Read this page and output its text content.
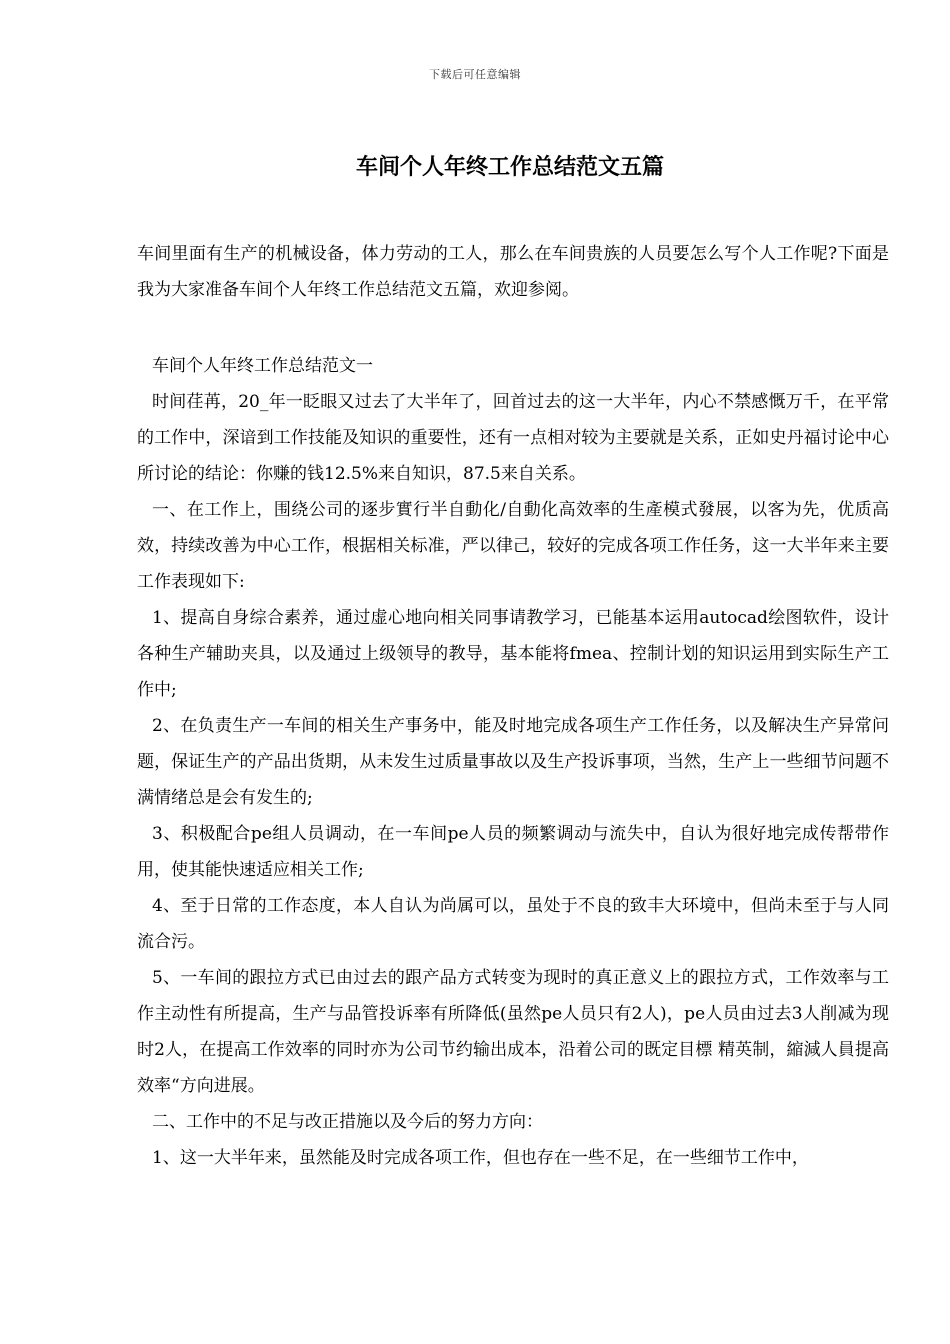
下载后可任意编辑
车间个人年终工作总结范文五篇

车间里面有生产的机械设备，体力劳动的工人，那么在车间贵族的人员要怎么写个人工作呢?下面是我为大家准备车间个人年终工作总结范文五篇，欢迎参阅。

车间个人年终工作总结范文一

时间荏苒，20_年一眨眼又过去了大半年了，回首过去的这一大半年，内心不禁感慨万千，在平常的工作中，深谙到工作技能及知识的重要性，还有一点相对较为主要就是关系，正如史丹福讨论中心所讨论的结论：你赚的钱12.5%来自知识，87.5来自关系。

一、在工作上，围绕公司的逐步實行半自動化/自動化高效率的生產模式發展，以客为先，优质高效，持续改善为中心工作，根据相关标准，严以律己，较好的完成各项工作任务，这一大半年来主要工作表现如下:

1、提高自身综合素养，通过虚心地向相关同事请教学习，已能基本运用autocad绘图软件，设计各种生产辅助夹具，以及通过上级领导的教导，基本能将fmea、控制计划的知识运用到实际生产工作中;

2、在负责生产一车间的相关生产事务中，能及时地完成各项生产工作任务，以及解决生产异常问题，保证生产的产品出货期，从未发生过质量事故以及生产投诉事项，当然，生产上一些细节问题不满情绪总是会有发生的;

3、积极配合pe组人员调动，在一车间pe人员的频繁调动与流失中，自认为很好地完成传帮带作用，使其能快速适应相关工作;

4、至于日常的工作态度，本人自认为尚属可以，虽处于不良的致丰大环境中，但尚未至于与人同流合污。

5、一车间的跟拉方式已由过去的跟产品方式转变为现时的真正意义上的跟拉方式，工作效率与工作主动性有所提高，生产与品管投诉率有所降低(虽然pe人员只有2人)，pe人员由过去3人削减为现时2人，在提高工作效率的同时亦为公司节约输出成本，沿着公司的既定目標 精英制，縮減人員提高效率“方向进展。

二、工作中的不足与改正措施以及今后的努力方向：

1、这一大半年来，虽然能及时完成各项工作，但也存在一些不足，在一些细节工作中，
